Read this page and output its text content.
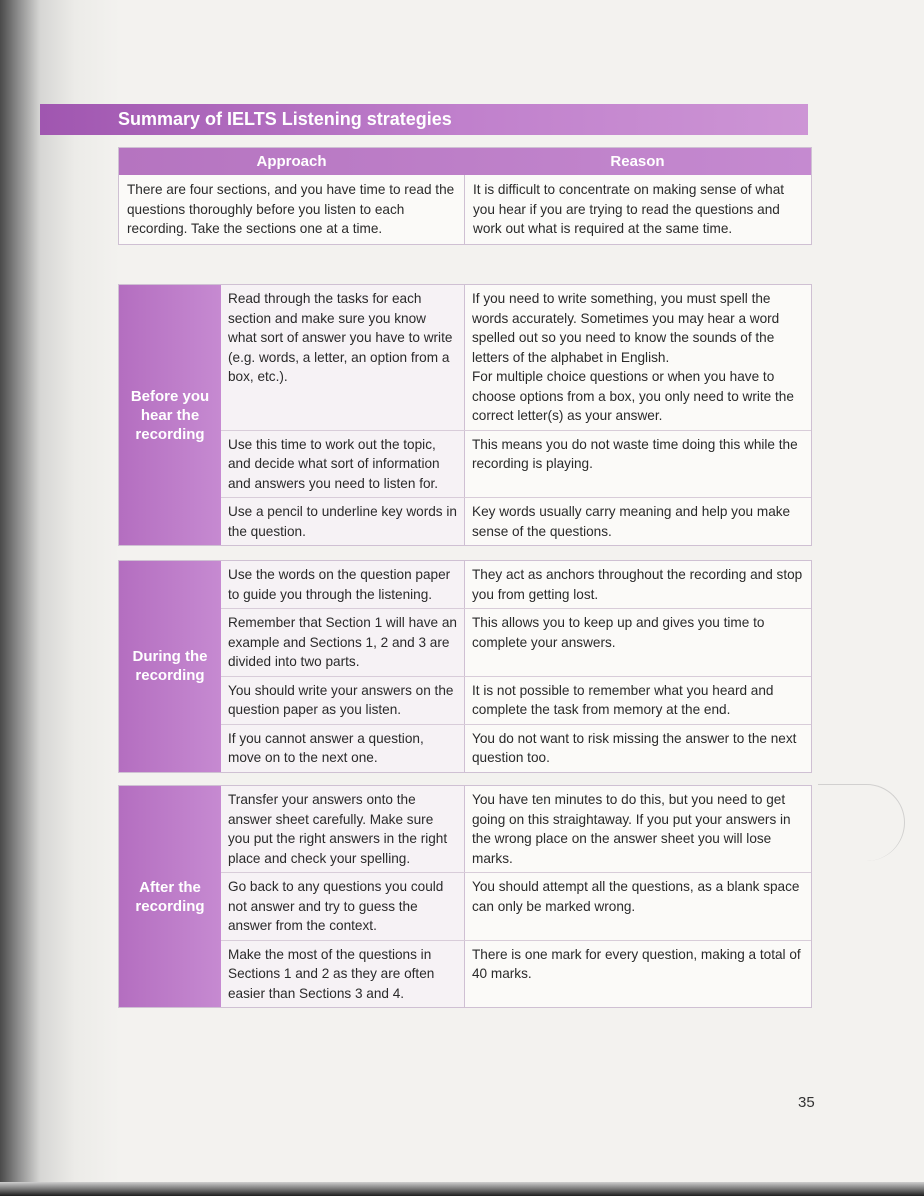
Summary of IELTS Listening strategies
Approach	Reason
There are four sections, and you have time to read the questions thoroughly before you listen to each recording. Take the sections one at a time.
It is difficult to concentrate on making sense of what you hear if you are trying to read the questions and work out what is required at the same time.
Before you hear the recording
Read through the tasks for each section and make sure you know what sort of answer you have to write (e.g. words, a letter, an option from a box, etc.).
If you need to write something, you must spell the words accurately. Sometimes you may hear a word spelled out so you need to know the sounds of the letters of the alphabet in English.
For multiple choice questions or when you have to choose options from a box, you only need to write the correct letter(s) as your answer.
Use this time to work out the topic, and decide what sort of information and answers you need to listen for.
This means you do not waste time doing this while the recording is playing.
Use a pencil to underline key words in the question.
Key words usually carry meaning and help you make sense of the questions.
During the recording
Use the words on the question paper to guide you through the listening.
They act as anchors throughout the recording and stop you from getting lost.
Remember that Section 1 will have an example and Sections 1, 2 and 3 are divided into two parts.
This allows you to keep up and gives you time to complete your answers.
You should write your answers on the question paper as you listen.
It is not possible to remember what you heard and complete the task from memory at the end.
If you cannot answer a question, move on to the next one.
You do not want to risk missing the answer to the next question too.
After the recording
Transfer your answers onto the answer sheet carefully. Make sure you put the right answers in the right place and check your spelling.
You have ten minutes to do this, but you need to get going on this straightaway. If you put your answers in the wrong place on the answer sheet you will lose marks.
Go back to any questions you could not answer and try to guess the answer from the context.
You should attempt all the questions, as a blank space can only be marked wrong.
Make the most of the questions in Sections 1 and 2 as they are often easier than Sections 3 and 4.
There is one mark for every question, making a total of 40 marks.
35
